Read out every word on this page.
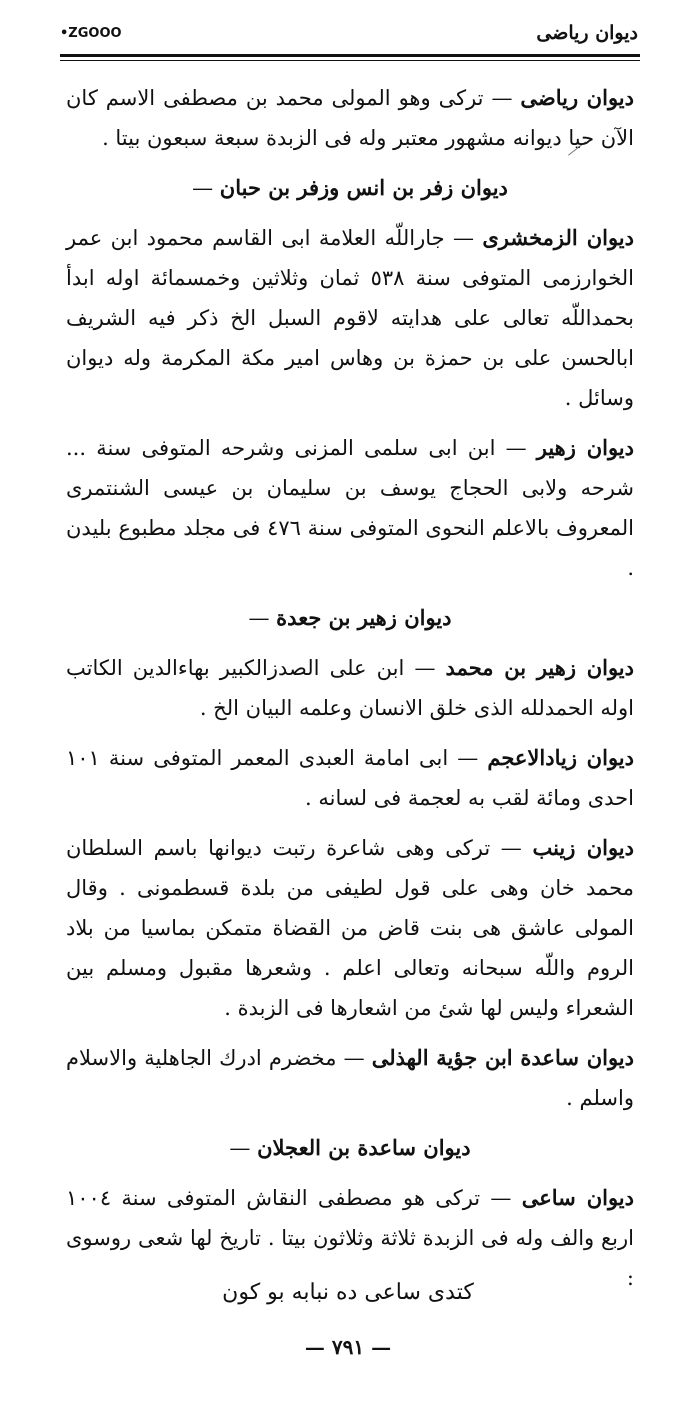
•ZGOOO	ديوان رياضى

ديوان رياضى — تركى وهو المولى محمد بن مصطفى الاسم كان الآن حيا ديوانه مشهور معتبر وله فى الزبدة سبعة سبعون بيتا .

ديوان زفر بن انس وزفر بن حبان —

ديوان الزمخشرى — جاراللّه العلامة ابى القاسم محمود ابن عمر الخوارزمى المتوفى سنة ٥٣٨ ثمان وثلاثين وخمسمائة اوله ابدأ بحمداللّه تعالى على هدايته لاقوم السبل الخ ذكر فيه الشريف ابالحسن على بن حمزة بن وهاس امير مكة المكرمة وله ديوان وسائل .

ديوان زهير — ابن ابى سلمى المزنى وشرحه المتوفى سنة ... شرحه ولابى الحجاج يوسف بن سليمان بن عيسى الشنتمرى المعروف بالاعلم النحوى المتوفى سنة ٤٧٦ فى مجلد مطبوع بليدن .

ديوان زهير بن جعدة —

ديوان زهير بن محمد — ابن على الصدزالكبير بهاءالدين الكاتب اوله الحمدلله الذى خلق الانسان وعلمه البيان الخ .

ديوان زيادالاعجم — ابى امامة العبدى المعمر المتوفى سنة ١٠١ احدى ومائة لقب به لعجمة فى لسانه .

ديوان زينب — تركى وهى شاعرة رتبت ديوانها باسم السلطان محمد خان وهى على قول لطيفى من بلدة قسطمونى . وقال المولى عاشق هى بنت قاض من القضاة متمكن بماسيا من بلاد الروم واللّه سبحانه وتعالى اعلم . وشعرها مقبول ومسلم بين الشعراء وليس لها شئ من اشعارها فى الزبدة .

ديوان ساعدة ابن جؤية الهذلى — مخضرم ادرك الجاهلية والاسلام واسلم .

ديوان ساعدة بن العجلان —

ديوان ساعى — تركى هو مصطفى النقاش المتوفى سنة ١٠٠٤ اربع والف وله فى الزبدة ثلاثة وثلاثون بيتا . تاريخ لها شعى روسوى :

كتدى ساعى ده نبابه بو كون
— ٧٩١ —
